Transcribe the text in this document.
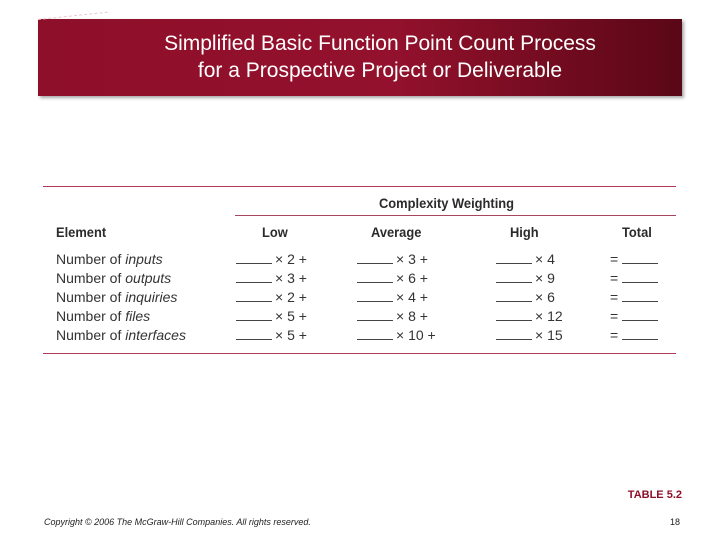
Simplified Basic Function Point Count Process
for a Prospective Project or Deliverable
Complexity Weighting
Element	Low	Average	High	Total
Number of inputs	× 2 +	× 3 +	× 4	=
Number of outputs	× 3 +	× 6 +	× 9	=
Number of inquiries	× 2 +	× 4 +	× 6	=
Number of files	× 5 +	× 8 +	× 12	=
Number of interfaces	× 5 +	× 10 +	× 15	=
TABLE 5.2
Copyright © 2006 The McGraw-Hill Companies. All rights reserved.	18
